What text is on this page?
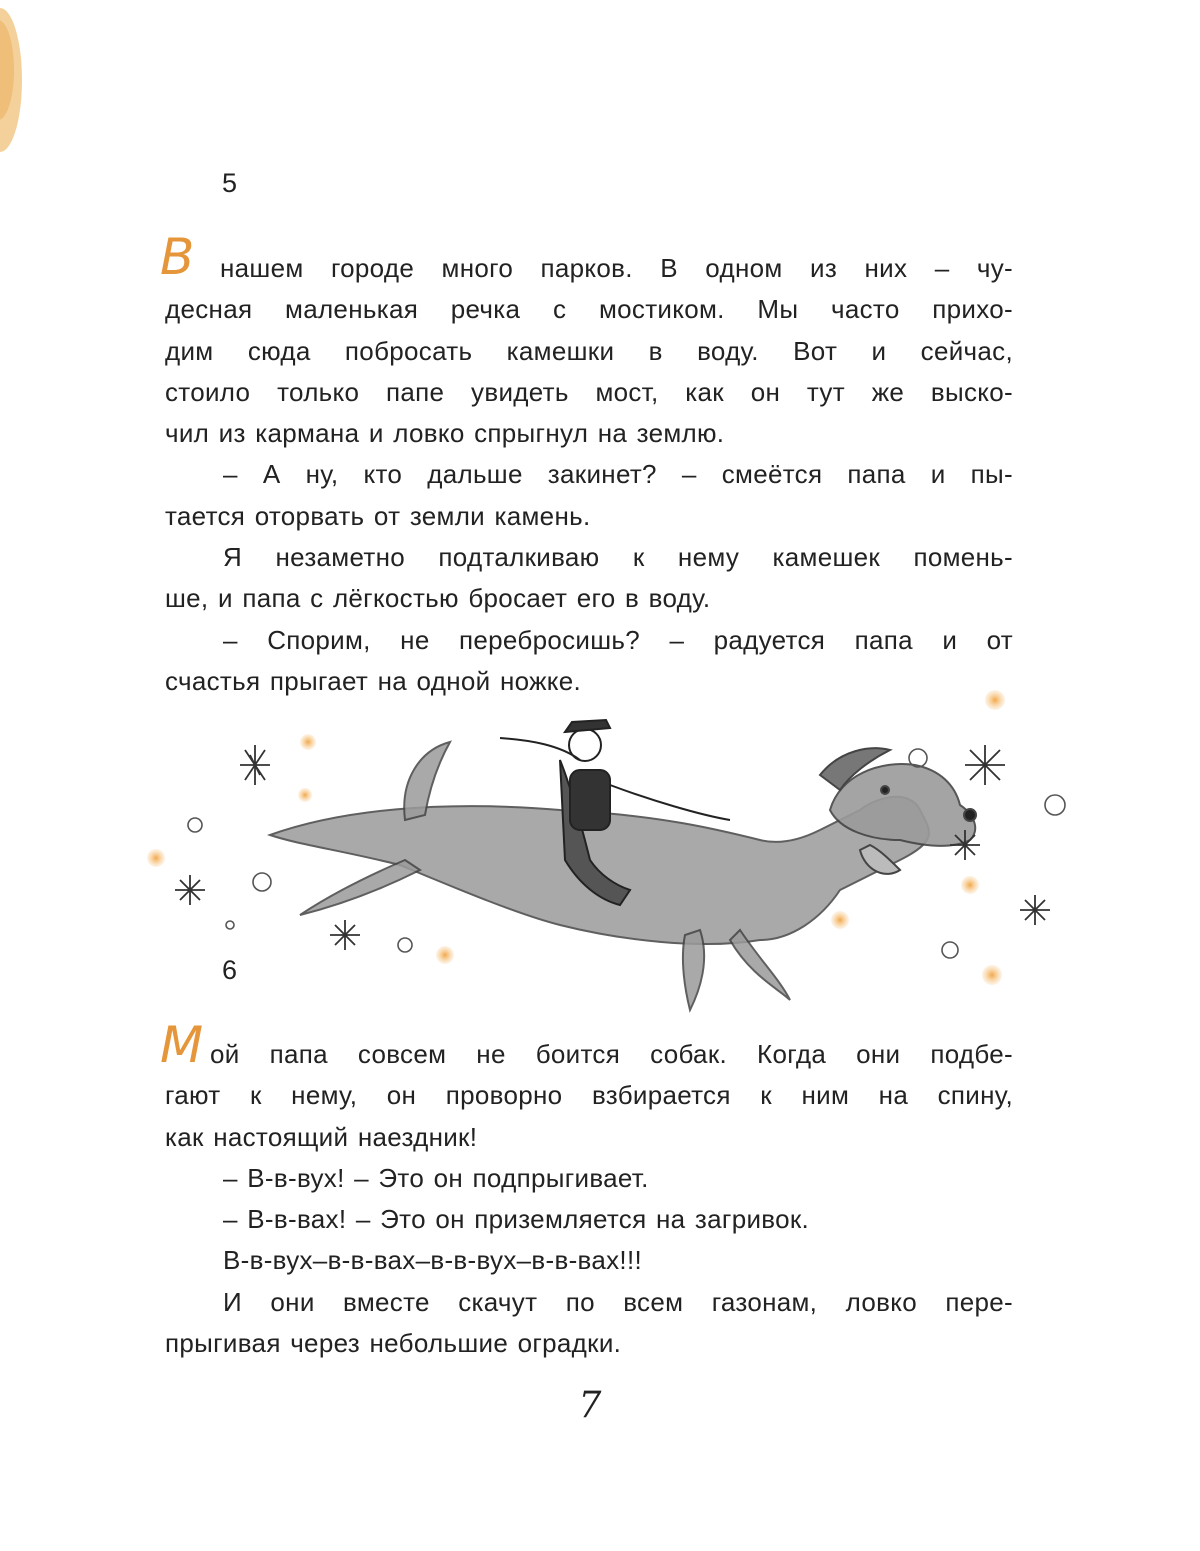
5
В нашем городе много парков. В одном из них – чу-
десная маленькая речка с мостиком. Мы часто прихо-
дим сюда побросать камешки в воду. Вот и сейчас,
стоило только папе увидеть мост, как он тут же выско-
чил из кармана и ловко спрыгнул на землю.
– А ну, кто дальше закинет? – смеётся папа и пы-
тается оторвать от земли камень.
Я незаметно подталкиваю к нему камешек помень-
ше, и папа с лёгкостью бросает его в воду.
– Спорим, не перебросишь? – радуется папа и от
счастья прыгает на одной ножке.
6
М ой папа совсем не боится собак. Когда они подбе-
гают к нему, он проворно взбирается к ним на спину,
как настоящий наездник!
– В-в-вух! – Это он подпрыгивает.
– В-в-вах! – Это он приземляется на загривок.
В-в-вух–в-в-вах–в-в-вух–в-в-вах!!!
И они вместе скачут по всем газонам, ловко пере-
прыгивая через небольшие оградки.
7
